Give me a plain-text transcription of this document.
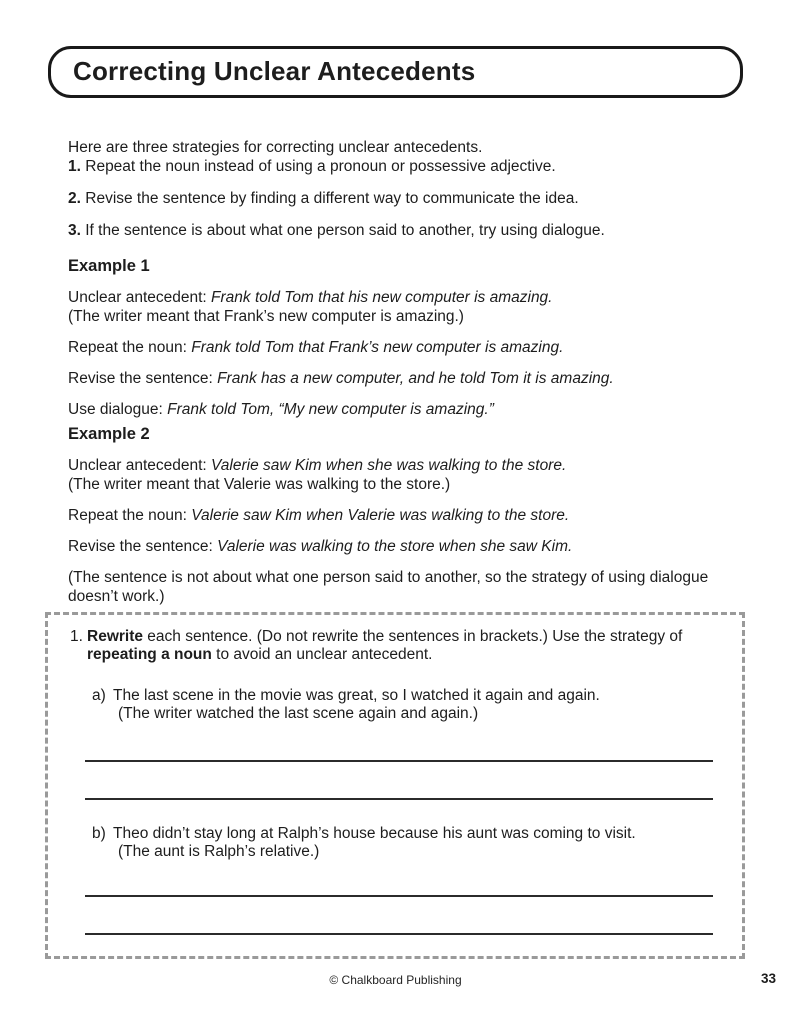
Correcting Unclear Antecedents

Here are three strategies for correcting unclear antecedents.

1. Repeat the noun instead of using a pronoun or possessive adjective.
2. Revise the sentence by finding a different way to communicate the idea.
3. If the sentence is about what one person said to another, try using dialogue.
Example 1

Unclear antecedent: Frank told Tom that his new computer is amazing.
(The writer meant that Frank’s new computer is amazing.)

Repeat the noun: Frank told Tom that Frank’s new computer is amazing.

Revise the sentence: Frank has a new computer, and he told Tom it is amazing.

Use dialogue: Frank told Tom, “My new computer is amazing.”

Example 2

Unclear antecedent: Valerie saw Kim when she was walking to the store.
(The writer meant that Valerie was walking to the store.)

Repeat the noun: Valerie saw Kim when Valerie was walking to the store.

Revise the sentence: Valerie was walking to the store when she saw Kim.

(The sentence is not about what one person said to another, so the strategy of using dialogue doesn’t work.)

1. Rewrite each sentence. (Do not rewrite the sentences in brackets.) Use the strategy of repeating a noun to avoid an unclear antecedent.
a) The last scene in the movie was great, so I watched it again and again.
(The writer watched the last scene again and again.)
b) Theo didn’t stay long at Ralph’s house because his aunt was coming to visit.
(The aunt is Ralph’s relative.)
© Chalkboard Publishing	33
